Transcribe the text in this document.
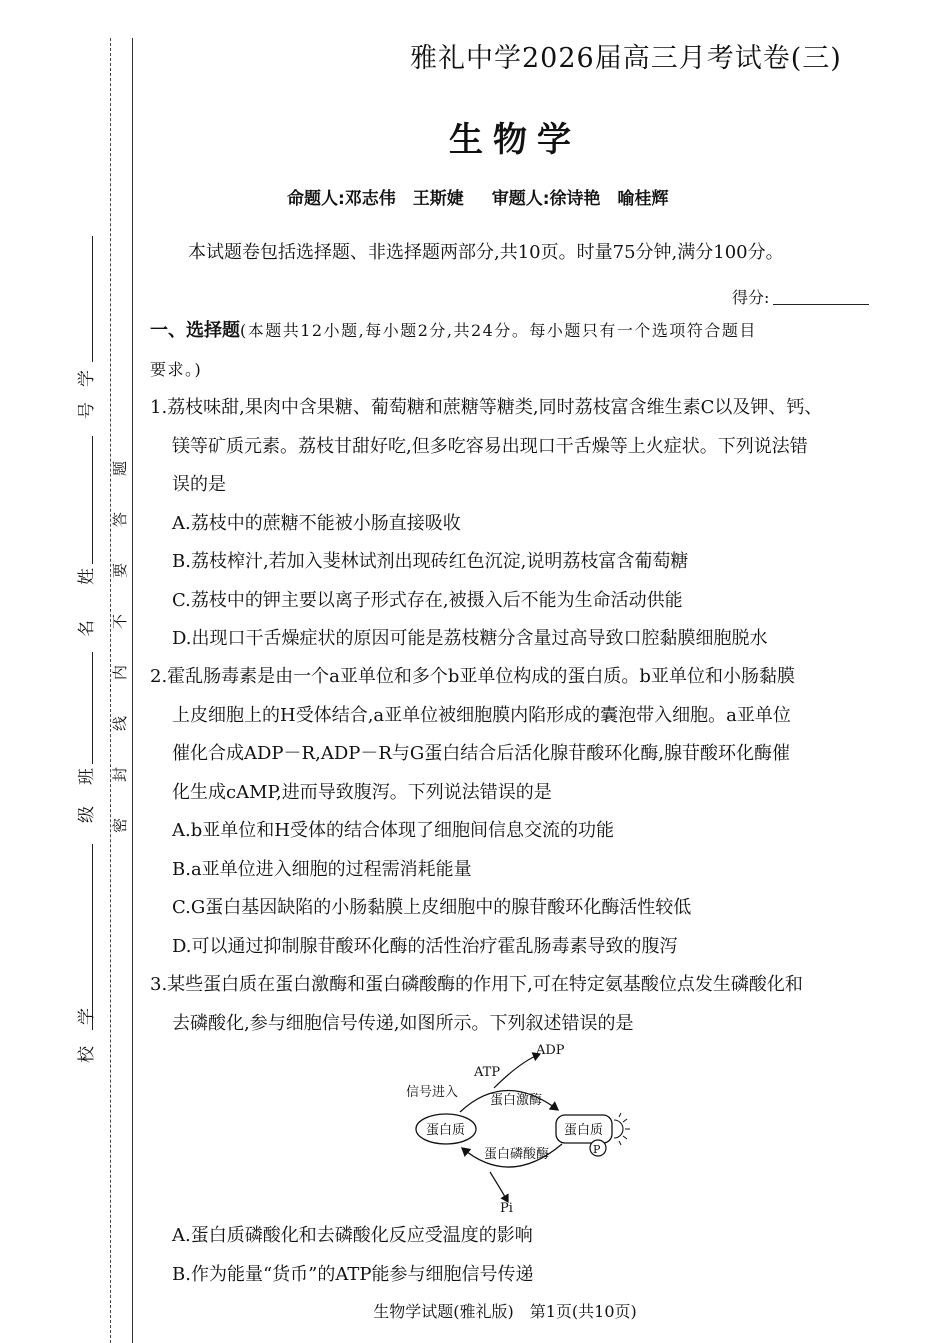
学
号
姓
名
班
级
学
校
密
封
线
内
不
要
答
题
雅礼中学2026届高三月考试卷(三)
生物学
命题人:邓志伟　王斯婕 审题人:徐诗艳　喻桂辉
本试题卷包括选择题、非选择题两部分,共10页。时量75分钟,满分100分。
得分:
一、选择题(本题共12小题,每小题2分,共24分。每小题只有一个选项符合题目
要求。)
1.荔枝味甜,果肉中含果糖、葡萄糖和蔗糖等糖类,同时荔枝富含维生素C以及钾、钙、
镁等矿质元素。荔枝甘甜好吃,但多吃容易出现口干舌燥等上火症状。下列说法错
误的是
A.荔枝中的蔗糖不能被小肠直接吸收
B.荔枝榨汁,若加入斐林试剂出现砖红色沉淀,说明荔枝富含葡萄糖
C.荔枝中的钾主要以离子形式存在,被摄入后不能为生命活动供能
D.出现口干舌燥症状的原因可能是荔枝糖分含量过高导致口腔黏膜细胞脱水
2.霍乱肠毒素是由一个a亚单位和多个b亚单位构成的蛋白质。b亚单位和小肠黏膜
上皮细胞上的H受体结合,a亚单位被细胞膜内陷形成的囊泡带入细胞。a亚单位
催化合成ADP－R,ADP－R与G蛋白结合后活化腺苷酸环化酶,腺苷酸环化酶催
化生成cAMP,进而导致腹泻。下列说法错误的是
A.b亚单位和H受体的结合体现了细胞间信息交流的功能
B.a亚单位进入细胞的过程需消耗能量
C.G蛋白基因缺陷的小肠黏膜上皮细胞中的腺苷酸环化酶活性较低
D.可以通过抑制腺苷酸环化酶的活性治疗霍乱肠毒素导致的腹泻
3.某些蛋白质在蛋白激酶和蛋白磷酸酶的作用下,可在特定氨基酸位点发生磷酸化和
去磷酸化,参与细胞信号传递,如图所示。下列叙述错误的是
ADP
ATP
信号进入
蛋白激酶
蛋白质	蛋白质
P
蛋白磷酸酶
Pi
A.蛋白质磷酸化和去磷酸化反应受温度的影响
B.作为能量“货币”的ATP能参与细胞信号传递
生物学试题(雅礼版)　第1页(共10页)
